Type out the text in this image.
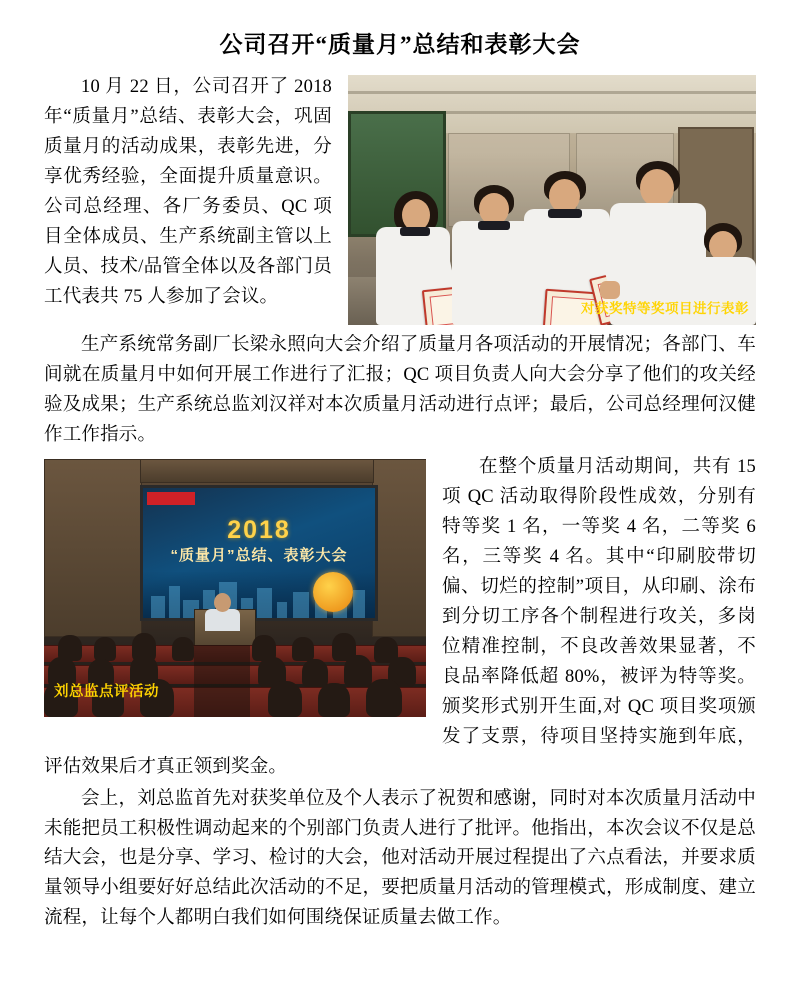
公司召开“质量月”总结和表彰大会
对获奖特等奖项目进行表彰

10 月 22 日，公司召开了 2018 年“质量月”总结、表彰大会，巩固质量月的活动成果，表彰先进，分享优秀经验，全面提升质量意识。公司总经理、各厂务委员、QC 项目全体成员、生产系统副主管以上人员、技术/品管全体以及各部门员工代表共 75 人参加了会议。

生产系统常务副厂长梁永照向大会介绍了质量月各项活动的开展情况；各部门、车间就在质量月中如何开展工作进行了汇报；QC 项目负责人向大会分享了他们的攻关经验及成果；生产系统总监刘汉祥对本次质量月活动进行点评；最后，公司总经理何汉健作工作指示。

2018
“质量月”总结、表彰大会
刘总监点评活动

在整个质量月活动期间，共有 15 项 QC 活动取得阶段性成效，分别有特等奖 1 名，一等奖 4 名，二等奖 6 名，三等奖 4 名。其中“印刷胶带切偏、切烂的控制”项目，从印刷、涂布到分切工序各个制程进行攻关，多岗位精准控制，不良改善效果显著，不良品率降低超 80%，被评为特等奖。颁奖形式别开生面,对 QC 项目奖项颁发了支票，待项目坚持实施到年底，评估效果后才真正领到奖金。

会上，刘总监首先对获奖单位及个人表示了祝贺和感谢，同时对本次质量月活动中未能把员工积极性调动起来的个别部门负责人进行了批评。他指出，本次会议不仅是总结大会，也是分享、学习、检讨的大会，他对活动开展过程提出了六点看法，并要求质量领导小组要好好总结此次活动的不足，要把质量月活动的管理模式，形成制度、建立流程，让每个人都明白我们如何围绕保证质量去做工作。
